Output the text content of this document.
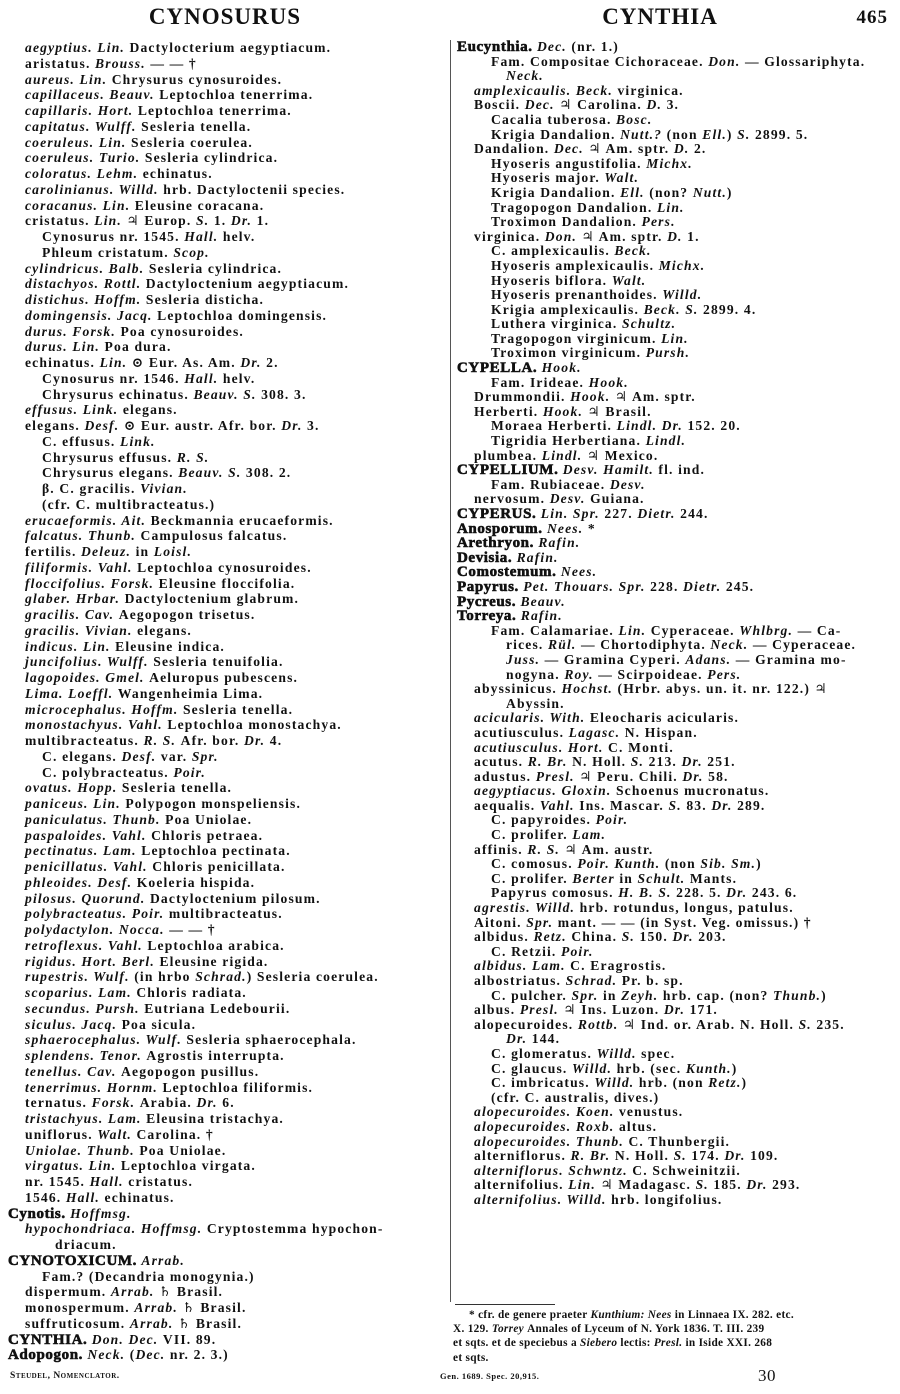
CYNOSURUS	CYNTHIA	465
aegyptius. Lin. Dactylocterium aegyptiacum.
aristatus. Brouss. — — †
aureus. Lin. Chrysurus cynosuroides.
capillaceus. Beauv. Leptochloa tenerrima.
capillaris. Hort. Leptochloa tenerrima.
capitatus. Wulff. Sesleria tenella.
coeruleus. Lin. Sesleria coerulea.
coeruleus. Turio. Sesleria cylindrica.
coloratus. Lehm. echinatus.
carolinianus. Willd. hrb. Dactyloctenii species.
coracanus. Lin. Eleusine coracana.
cristatus. Lin. ♃ Europ. S. 1. Dr. 1.
Cynosurus nr. 1545. Hall. helv.
Phleum cristatum. Scop.
cylindricus. Balb. Sesleria cylindrica.
distachyos. Rottl. Dactyloctenium aegyptiacum.
distichus. Hoffm. Sesleria disticha.
domingensis. Jacq. Leptochloa domingensis.
durus. Forsk. Poa cynosuroides.
durus. Lin. Poa dura.
echinatus. Lin. ⊙ Eur. As. Am. Dr. 2.
Cynosurus nr. 1546. Hall. helv.
Chrysurus echinatus. Beauv. S. 308. 3.
effusus. Link. elegans.
elegans. Desf. ⊙ Eur. austr. Afr. bor. Dr. 3.
C. effusus. Link.
Chrysurus effusus. R. S.
Chrysurus elegans. Beauv. S. 308. 2.
β. C. gracilis. Vivian.
(cfr. C. multibracteatus.)
erucaeformis. Ait. Beckmannia erucaeformis.
falcatus. Thunb. Campulosus falcatus.
fertilis. Deleuz. in Loisl.
filiformis. Vahl. Leptochloa cynosuroides.
floccifolius. Forsk. Eleusine floccifolia.
glaber. Hrbar. Dactyloctenium glabrum.
gracilis. Cav. Aegopogon trisetus.
gracilis. Vivian. elegans.
indicus. Lin. Eleusine indica.
juncifolius. Wulff. Sesleria tenuifolia.
lagopoides. Gmel. Aeluropus pubescens.
Lima. Loeffl. Wangenheimia Lima.
microcephalus. Hoffm. Sesleria tenella.
monostachyus. Vahl. Leptochloa monostachya.
multibracteatus. R. S. Afr. bor. Dr. 4.
C. elegans. Desf. var. Spr.
C. polybracteatus. Poir.
ovatus. Hopp. Sesleria tenella.
paniceus. Lin. Polypogon monspeliensis.
paniculatus. Thunb. Poa Uniolae.
paspaloides. Vahl. Chloris petraea.
pectinatus. Lam. Leptochloa pectinata.
penicillatus. Vahl. Chloris penicillata.
phleoides. Desf. Koeleria hispida.
pilosus. Quorund. Dactyloctenium pilosum.
polybracteatus. Poir. multibracteatus.
polydactylon. Nocca. — — †
retroflexus. Vahl. Leptochloa arabica.
rigidus. Hort. Berl. Eleusine rigida.
rupestris. Wulf. (in hrbo Schrad.) Sesleria coerulea.
scoparius. Lam. Chloris radiata.
secundus. Pursh. Eutriana Ledebourii.
siculus. Jacq. Poa sicula.
sphaerocephalus. Wulf. Sesleria sphaerocephala.
splendens. Tenor. Agrostis interrupta.
tenellus. Cav. Aegopogon pusillus.
tenerrimus. Hornm. Leptochloa filiformis.
ternatus. Forsk. Arabia. Dr. 6.
tristachyus. Lam. Eleusina tristachya.
uniflorus. Walt. Carolina. †
Uniolae. Thunb. Poa Uniolae.
virgatus. Lin. Leptochloa virgata.
nr. 1545. Hall. cristatus.
1546. Hall. echinatus.
Cynotis. Hoffmsg.
hypochondriaca. Hoffmsg. Cryptostemma hypochon-
driacum.
CYNOTOXICUM. Arrab.
Fam.? (Decandria monogynia.)
dispermum. Arrab. ♄ Brasil.
monospermum. Arrab. ♄ Brasil.
suffruticosum. Arrab. ♄ Brasil.
CYNTHIA. Don. Dec. VII. 89.
Adopogon. Neck. (Dec. nr. 2. 3.)
Eucynthia. Dec. (nr. 1.)
Fam. Compositae Cichoraceae. Don. — Glossariphyta.
Neck.
amplexicaulis. Beck. virginica.
Boscii. Dec. ♃ Carolina. D. 3.
Cacalia tuberosa. Bosc.
Krigia Dandalion. Nutt.? (non Ell.) S. 2899. 5.
Dandalion. Dec. ♃ Am. sptr. D. 2.
Hyoseris angustifolia. Michx.
Hyoseris major. Walt.
Krigia Dandalion. Ell. (non? Nutt.)
Tragopogon Dandalion. Lin.
Troximon Dandalion. Pers.
virginica. Don. ♃ Am. sptr. D. 1.
C. amplexicaulis. Beck.
Hyoseris amplexicaulis. Michx.
Hyoseris biflora. Walt.
Hyoseris prenanthoides. Willd.
Krigia amplexicaulis. Beck. S. 2899. 4.
Luthera virginica. Schultz.
Tragopogon virginicum. Lin.
Troximon virginicum. Pursh.
CYPELLA. Hook.
Fam. Irideae. Hook.
Drummondii. Hook. ♃ Am. sptr.
Herberti. Hook. ♃ Brasil.
Moraea Herberti. Lindl. Dr. 152. 20.
Tigridia Herbertiana. Lindl.
plumbea. Lindl. ♃ Mexico.
CYPELLIUM. Desv. Hamilt. fl. ind.
Fam. Rubiaceae. Desv.
nervosum. Desv. Guiana.
CYPERUS. Lin. Spr. 227. Dietr. 244.
Anosporum. Nees. *
Arethryon. Rafin.
Devisia. Rafin.
Comostemum. Nees.
Papyrus. Pet. Thouars. Spr. 228. Dietr. 245.
Pycreus. Beauv.
Torreya. Rafin.
Fam. Calamariae. Lin. Cyperaceae. Whlbrg. — Ca-
rices. Rül. — Chortodiphyta. Neck. — Cyperaceae.
Juss. — Gramina Cyperi. Adans. — Gramina mo-
nogyna. Roy. — Scirpoideae. Pers.
abyssinicus. Hochst. (Hrbr. abys. un. it. nr. 122.) ♃
Abyssin.
acicularis. With. Eleocharis acicularis.
acutiusculus. Lagasc. N. Hispan.
acutiusculus. Hort. C. Monti.
acutus. R. Br. N. Holl. S. 213. Dr. 251.
adustus. Presl. ♃ Peru. Chili. Dr. 58.
aegyptiacus. Gloxin. Schoenus mucronatus.
aequalis. Vahl. Ins. Mascar. S. 83. Dr. 289.
C. papyroides. Poir.
C. prolifer. Lam.
affinis. R. S. ♃ Am. austr.
C. comosus. Poir. Kunth. (non Sib. Sm.)
C. prolifer. Berter in Schult. Mants.
Papyrus comosus. H. B. S. 228. 5. Dr. 243. 6.
agrestis. Willd. hrb. rotundus, longus, patulus.
Aitoni. Spr. mant. — — (in Syst. Veg. omissus.) †
albidus. Retz. China. S. 150. Dr. 203.
C. Retzii. Poir.
albidus. Lam. C. Eragrostis.
albostriatus. Schrad. Pr. b. sp.
C. pulcher. Spr. in Zeyh. hrb. cap. (non? Thunb.)
albus. Presl. ♃ Ins. Luzon. Dr. 171.
alopecuroides. Rottb. ♃ Ind. or. Arab. N. Holl. S. 235.
Dr. 144.
C. glomeratus. Willd. spec.
C. glaucus. Willd. hrb. (sec. Kunth.)
C. imbricatus. Willd. hrb. (non Retz.)
(cfr. C. australis, dives.)
alopecuroides. Koen. venustus.
alopecuroides. Roxb. altus.
alopecuroides. Thunb. C. Thunbergii.
alterniflorus. R. Br. N. Holl. S. 174. Dr. 109.
alterniflorus. Schwntz. C. Schweinitzii.
alternifolius. Lin. ♃ Madagasc. S. 185. Dr. 293.
alternifolius. Willd. hrb. longifolius.
* cfr. de genere praeter Kunthium: Nees in Linnaea IX. 282. etc.
X. 129. Torrey Annales of Lyceum of N. York 1836. T. III. 239
et sqts. et de speciebus a Siebero lectis: Presl. in Iside XXI. 268
et sqts.
Steudel, Nomenclator.	Gen. 1689. Spec. 20,915.	30
